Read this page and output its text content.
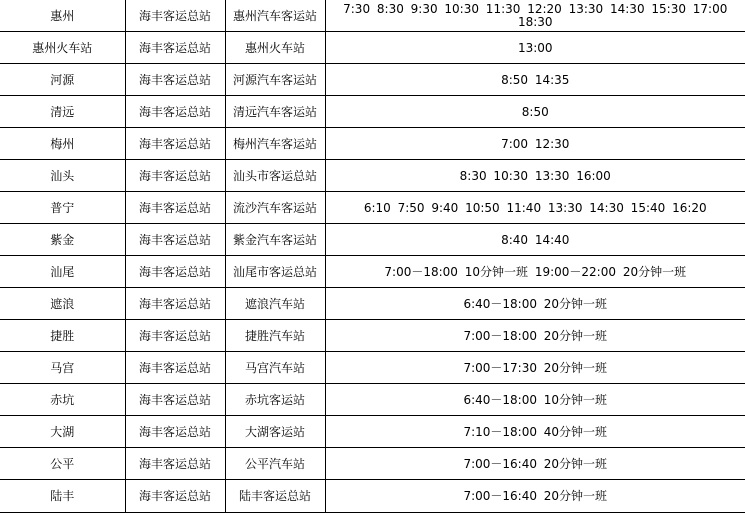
惠州	海丰客运总站	惠州汽车客运站	7:30 8:30 9:30 10:30 11:30 12:20 13:30 14:30 15:30 17:00 18:30
惠州火车站	海丰客运总站	惠州火车站	13:00
河源	海丰客运总站	河源汽车客运站	8:50 14:35
清远	海丰客运总站	清远汽车客运站	8:50
梅州	海丰客运总站	梅州汽车客运站	7:00 12:30
汕头	海丰客运总站	汕头市客运总站	8:30 10:30 13:30 16:00
普宁	海丰客运总站	流沙汽车客运站	6:10 7:50 9:40 10:50 11:40 13:30 14:30 15:40 16:20
紫金	海丰客运总站	紫金汽车客运站	8:40 14:40
汕尾	海丰客运总站	汕尾市客运总站	7:00－18:00 10分钟一班 19:00－22:00 20分钟一班
遮浪	海丰客运总站	遮浪汽车站	6:40－18:00 20分钟一班
捷胜	海丰客运总站	捷胜汽车站	7:00－18:00 20分钟一班
马宫	海丰客运总站	马宫汽车站	7:00－17:30 20分钟一班
赤坑	海丰客运总站	赤坑客运站	6:40－18:00 10分钟一班
大湖	海丰客运总站	大湖客运站	7:10－18:00 40分钟一班
公平	海丰客运总站	公平汽车站	7:00－16:40 20分钟一班
陆丰	海丰客运总站	陆丰客运总站	7:00－16:40 20分钟一班
